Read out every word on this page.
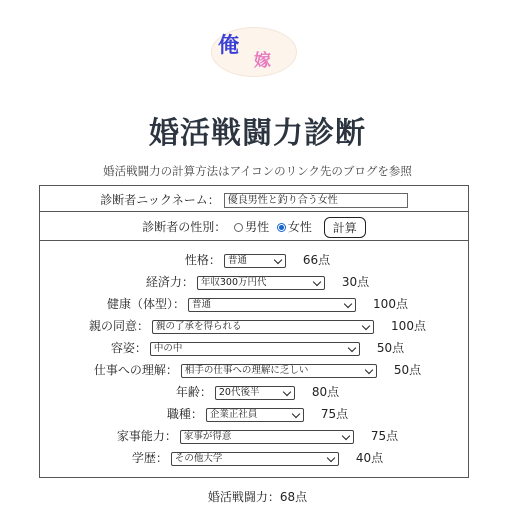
俺
嫁
婚活戦闘力診断
婚活戦闘力の計算方法はアイコンのリンク先のブログを参照
診断者ニックネーム： 優良男性と釣り合う女性
診断者の性別： 男性 女性 計算
性格： 普通	66点
経済力： 年収300万円代	30点
健康（体型）： 普通	100点
親の同意： 親の了承を得られる	100点
容姿： 中の中	50点
仕事への理解： 相手の仕事への理解に乏しい	50点
年齢： 20代後半	80点
職種： 企業正社員	75点
家事能力： 家事が得意	75点
学歴： その他大学	40点
婚活戦闘力：68点
